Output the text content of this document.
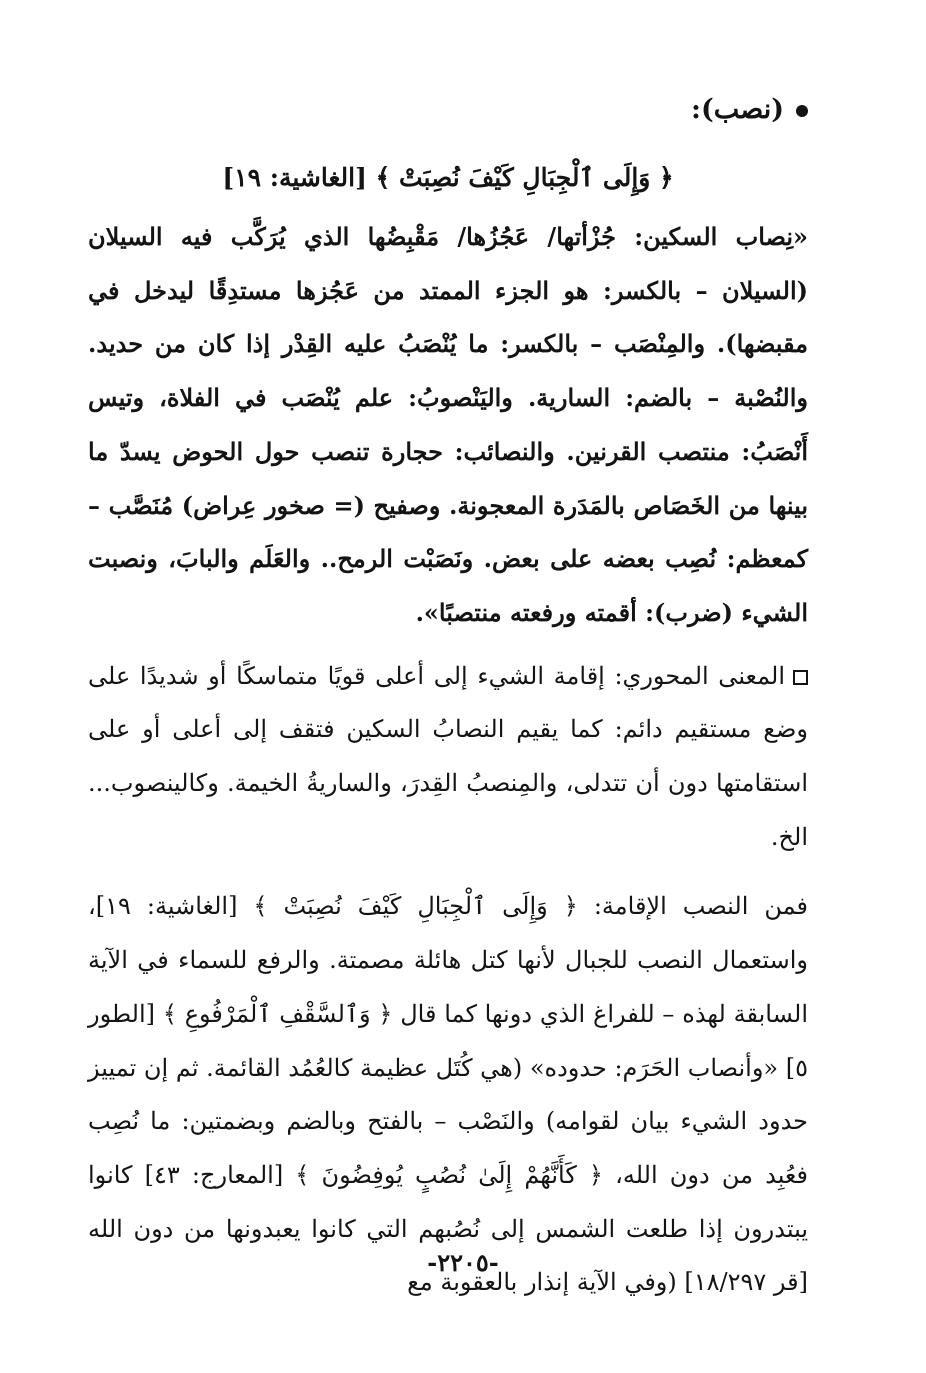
(نصب):
﴿ وَإِلَى ٱلْجِبَالِ كَيْفَ نُصِبَتْ ﴾ [الغاشية: ١٩]

«نِصاب السكين: جُزْأتها/ عَجُزُها/ مَقْبِضُها الذي يُرَكَّب فيه السيلان (السيلان – بالكسر: هو الجزء الممتد من عَجُزها مستدِقًا ليدخل في مقبضها). والمِنْصَب – بالكسر: ما يُنْصَبُ عليه القِدْر إذا كان من حديد. والنُصْبة – بالضم: السارية. واليَنْصوبُ: علم يُنْصَب في الفلاة، وتيس أَنْصَبُ: منتصب القرنين. والنصائب: حجارة تنصب حول الحوض يسدّ ما بينها من الخَصَاص بالمَدَرة المعجونة. وصفيح (= صخور عِراض) مُنَصَّب – كمعظم: نُصِب بعضه على بعض. ونَصَبْت الرمح.. والعَلَم والبابَ، ونصبت الشيء (ضرب): أقمته ورفعته منتصبًا».

المعنى المحوري: إقامة الشيء إلى أعلى قويًا متماسكًا أو شديدًا على وضع مستقيم دائم: كما يقيم النصابُ السكين فتقف إلى أعلى أو على استقامتها دون أن تتدلى، والمِنصبُ القِدرَ، والساريةُ الخيمة. وكالينصوب... الخ.

فمن النصب الإقامة: ﴿ وَإِلَى ٱلْجِبَالِ كَيْفَ نُصِبَتْ ﴾ [الغاشية: ١٩]، واستعمال النصب للجبال لأنها كتل هائلة مصمتة. والرفع للسماء في الآية السابقة لهذه – للفراغ الذي دونها كما قال ﴿ وَٱلسَّقْفِ ٱلْمَرْفُوعِ ﴾ [الطور ٥] «وأنصاب الحَرَم: حدوده» (هي كُتَل عظيمة كالعُمُد القائمة. ثم إن تمييز حدود الشيء بيان لقوامه) والنَصْب – بالفتح وبالضم وبضمتين: ما نُصِب فعُبِد من دون الله، ﴿ كَأَنَّهُمْ إِلَىٰ نُصُبٍ يُوفِضُونَ ﴾ [المعارج: ٤٣] كانوا يبتدرون إذا طلعت الشمس إلى نُصُبهم التي كانوا يعبدونها من دون الله [قر ١٨/٢٩٧] (وفي الآية إنذار بالعقوبة مع

-٢٢٠٥-
